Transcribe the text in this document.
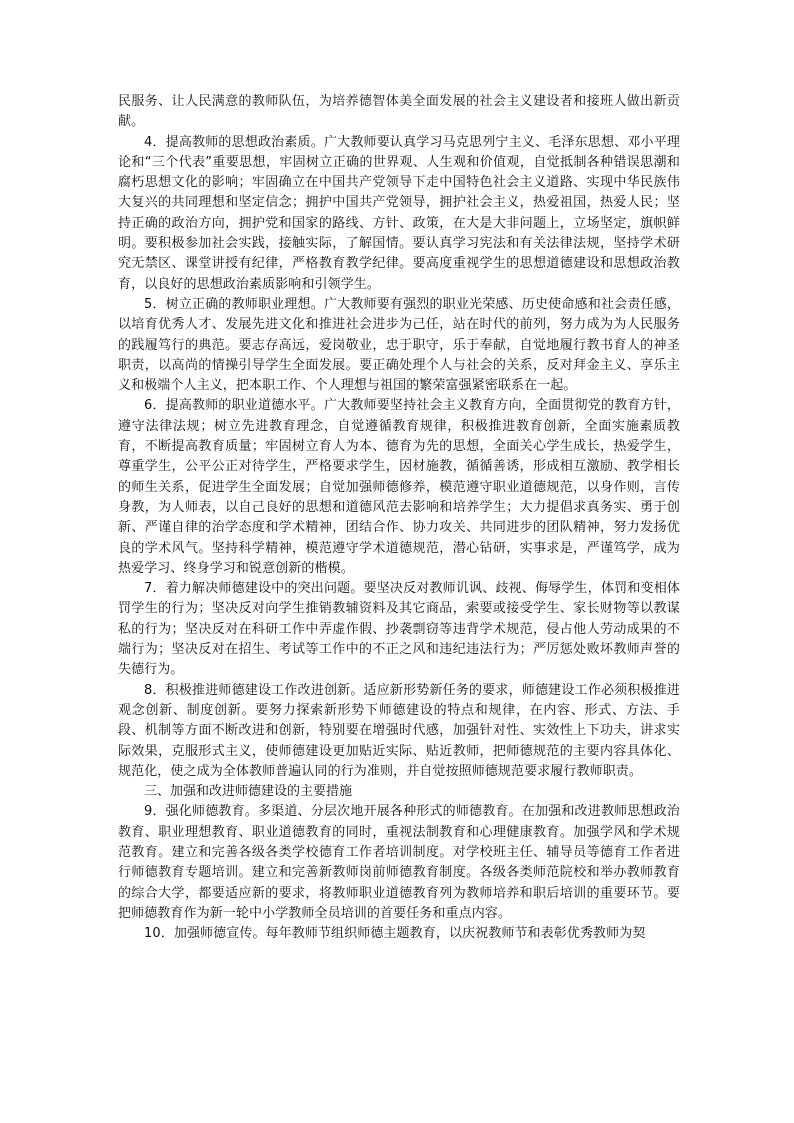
民服务、让人民满意的教师队伍，为培养德智体美全面发展的社会主义建设者和接班人做出新贡献。

4．提高教师的思想政治素质。广大教师要认真学习马克思列宁主义、毛泽东思想、邓小平理论和“三个代表”重要思想，牢固树立正确的世界观、人生观和价值观，自觉抵制各种错误思潮和腐朽思想文化的影响；牢固确立在中国共产党领导下走中国特色社会主义道路、实现中华民族伟大复兴的共同理想和坚定信念；拥护中国共产党领导，拥护社会主义，热爱祖国，热爱人民；坚持正确的政治方向，拥护党和国家的路线、方针、政策，在大是大非问题上，立场坚定，旗帜鲜明。要积极参加社会实践，接触实际，了解国情。要认真学习宪法和有关法律法规，坚持学术研究无禁区、课堂讲授有纪律，严格教育教学纪律。要高度重视学生的思想道德建设和思想政治教育，以良好的思想政治素质影响和引领学生。

5．树立正确的教师职业理想。广大教师要有强烈的职业光荣感、历史使命感和社会责任感，以培育优秀人才、发展先进文化和推进社会进步为己任，站在时代的前列，努力成为为人民服务的践履笃行的典范。要志存高远，爱岗敬业，忠于职守，乐于奉献，自觉地履行教书育人的神圣职责，以高尚的情操引导学生全面发展。要正确处理个人与社会的关系，反对拜金主义、享乐主义和极端个人主义，把本职工作、个人理想与祖国的繁荣富强紧密联系在一起。

6．提高教师的职业道德水平。广大教师要坚持社会主义教育方向，全面贯彻党的教育方针，遵守法律法规；树立先进教育理念，自觉遵循教育规律，积极推进教育创新，全面实施素质教育，不断提高教育质量；牢固树立育人为本、德育为先的思想，全面关心学生成长，热爱学生，尊重学生，公平公正对待学生，严格要求学生，因材施教，循循善诱，形成相互激励、教学相长的师生关系，促进学生全面发展；自觉加强师德修养，模范遵守职业道德规范，以身作则，言传身教，为人师表，以自己良好的思想和道德风范去影响和培养学生；大力提倡求真务实、勇于创新、严谨自律的治学态度和学术精神，团结合作、协力攻关、共同进步的团队精神，努力发扬优良的学术风气。坚持科学精神，模范遵守学术道德规范，潜心钻研，实事求是，严谨笃学，成为热爱学习、终身学习和锐意创新的楷模。

7．着力解决师德建设中的突出问题。要坚决反对教师讥讽、歧视、侮辱学生，体罚和变相体罚学生的行为；坚决反对向学生推销教辅资料及其它商品，索要或接受学生、家长财物等以教谋私的行为；坚决反对在科研工作中弄虚作假、抄袭剽窃等违背学术规范，侵占他人劳动成果的不端行为；坚决反对在招生、考试等工作中的不正之风和违纪违法行为；严厉惩处败坏教师声誉的失德行为。

8．积极推进师德建设工作改进创新。适应新形势新任务的要求，师德建设工作必须积极推进观念创新、制度创新。要努力探索新形势下师德建设的特点和规律，在内容、形式、方法、手段、机制等方面不断改进和创新，特别要在增强时代感，加强针对性、实效性上下功夫，讲求实际效果，克服形式主义，使师德建设更加贴近实际、贴近教师，把师德规范的主要内容具体化、规范化，使之成为全体教师普遍认同的行为准则，并自觉按照师德规范要求履行教师职责。

三、加强和改进师德建设的主要措施

9．强化师德教育。多渠道、分层次地开展各种形式的师德教育。在加强和改进教师思想政治教育、职业理想教育、职业道德教育的同时，重视法制教育和心理健康教育。加强学风和学术规范教育。建立和完善各级各类学校德育工作者培训制度。对学校班主任、辅导员等德育工作者进行师德教育专题培训。建立和完善新教师岗前师德教育制度。各级各类师范院校和举办教师教育的综合大学，都要适应新的要求，将教师职业道德教育列为教师培养和职后培训的重要环节。要把师德教育作为新一轮中小学教师全员培训的首要任务和重点内容。

10．加强师德宣传。每年教师节组织师德主题教育，以庆祝教师节和表彰优秀教师为契
